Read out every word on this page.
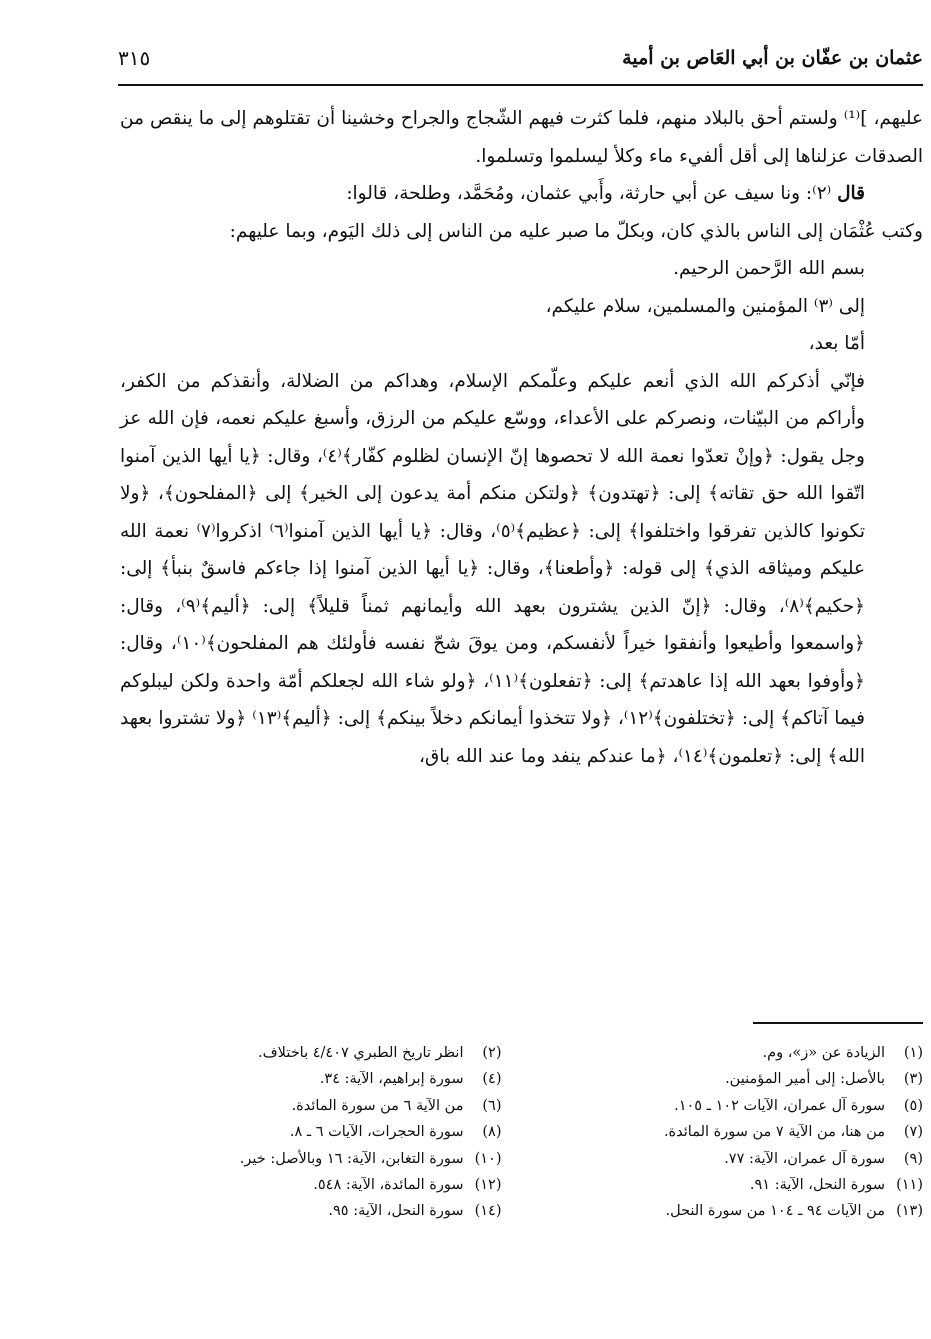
عثمان بن عفّان بن أبي العَاص بن أمية
٣١٥

عليهم، ]⁽¹⁾ ولستم أحق بالبلاد منهم، فلما كثرت فيهم الشّجاج والجراح وخشينا أن تقتلوهم إلى ما ينقص من الصدقات عزلناها إلى أقل ألفيء ماء وكلأ ليسلموا وتسلموا.

قال ⁽٢⁾: ونا سيف عن أبي حارثة، وأَبي عثمان، ومُحَمَّد، وطلحة، قالوا:

وكتب عُثْمَان إلى الناس بالذي كان، وبكلّ ما صبر عليه من الناس إلى ذلك اليَوم، وبما عليهم:

بسم الله الرَّحمن الرحيم.

إلى ⁽٣⁾ المؤمنين والمسلمين، سلام عليكم،

أمّا بعد،

فإنّي أذكركم الله الذي أنعم عليكم وعلّمكم الإسلام، وهداكم من الضلالة، وأنقذكم من الكفر، وأراكم من البيّنات، ونصركم على الأعداء، ووسّع عليكم من الرزق، وأسبغ عليكم نعمه، فإن الله عز وجل يقول: ﴿وإنْ تعدّوا نعمة الله لا تحصوها إنّ الإنسان لظلوم كفّار﴾⁽٤⁾، وقال: ﴿يا أيها الذين آمنوا اتّقوا الله حق تقاته﴾ إلى: ﴿تهتدون﴾ ﴿ولتكن منكم أمة يدعون إلى الخير﴾ إلى ﴿المفلحون﴾، ﴿ولا تكونوا كالذين تفرقوا واختلفوا﴾ إلى: ﴿عظيم﴾⁽٥⁾، وقال: ﴿يا أيها الذين آمنوا⁽٦⁾ اذكروا⁽٧⁾ نعمة الله عليكم وميثاقه الذي﴾ إلى قوله: ﴿وأطعنا﴾، وقال: ﴿يا أيها الذين آمنوا إذا جاءكم فاسقٌ بنبأ﴾ إلى: ﴿حكيم﴾⁽٨⁾، وقال: ﴿إنّ الذين يشترون بعهد الله وأيمانهم ثمناً قليلاً﴾ إلى: ﴿أليم﴾⁽٩⁾، وقال: ﴿واسمعوا وأطيعوا وأنفقوا خيراً لأنفسكم، ومن يوقَ شحّ نفسه فأولئك هم المفلحون﴾⁽١٠⁾، وقال: ﴿وأوفوا بعهد الله إذا عاهدتم﴾ إلى: ﴿تفعلون﴾⁽١١⁾، ﴿ولو شاء الله لجعلكم أمّة واحدة ولكن ليبلوكم فيما آتاكم﴾ إلى: ﴿تختلفون﴾⁽١٢⁾، ﴿ولا تتخذوا أيمانكم دخلاً بينكم﴾ إلى: ﴿أليم﴾⁽١٣⁾ ﴿ولا تشتروا بعهد الله﴾ إلى: ﴿تعلمون﴾⁽١٤⁾، ﴿ما عندكم ينفد وما عند الله باق،

(١)الزيادة عن «ز»، وم.
(٢)انظر تاريخ الطبري ٤/٤٠٧ باختلاف.
(٣)بالأصل: إلى أمير المؤمنين.
(٤)سورة إبراهيم، الآية: ٣٤.
(٥)سورة آل عمران، الآيات ١٠٢ ـ ١٠٥.
(٦)من الآية ٦ من سورة المائدة.
(٧)من هنا، من الآية ٧ من سورة المائدة.
(٨)سورة الحجرات، الآيات ٦ ـ ٨.
(٩)سورة آل عمران، الآية: ٧٧.
(١٠)سورة التغابن، الآية: ١٦ وبالأصل: خير.
(١١)سورة النحل، الآية: ٩١.
(١٢)سورة المائدة، الآية: ٥٤٨.
(١٣)من الآيات ٩٤ ـ ١٠٤ من سورة النحل.
(١٤)سورة النحل، الآية: ٩٥.
